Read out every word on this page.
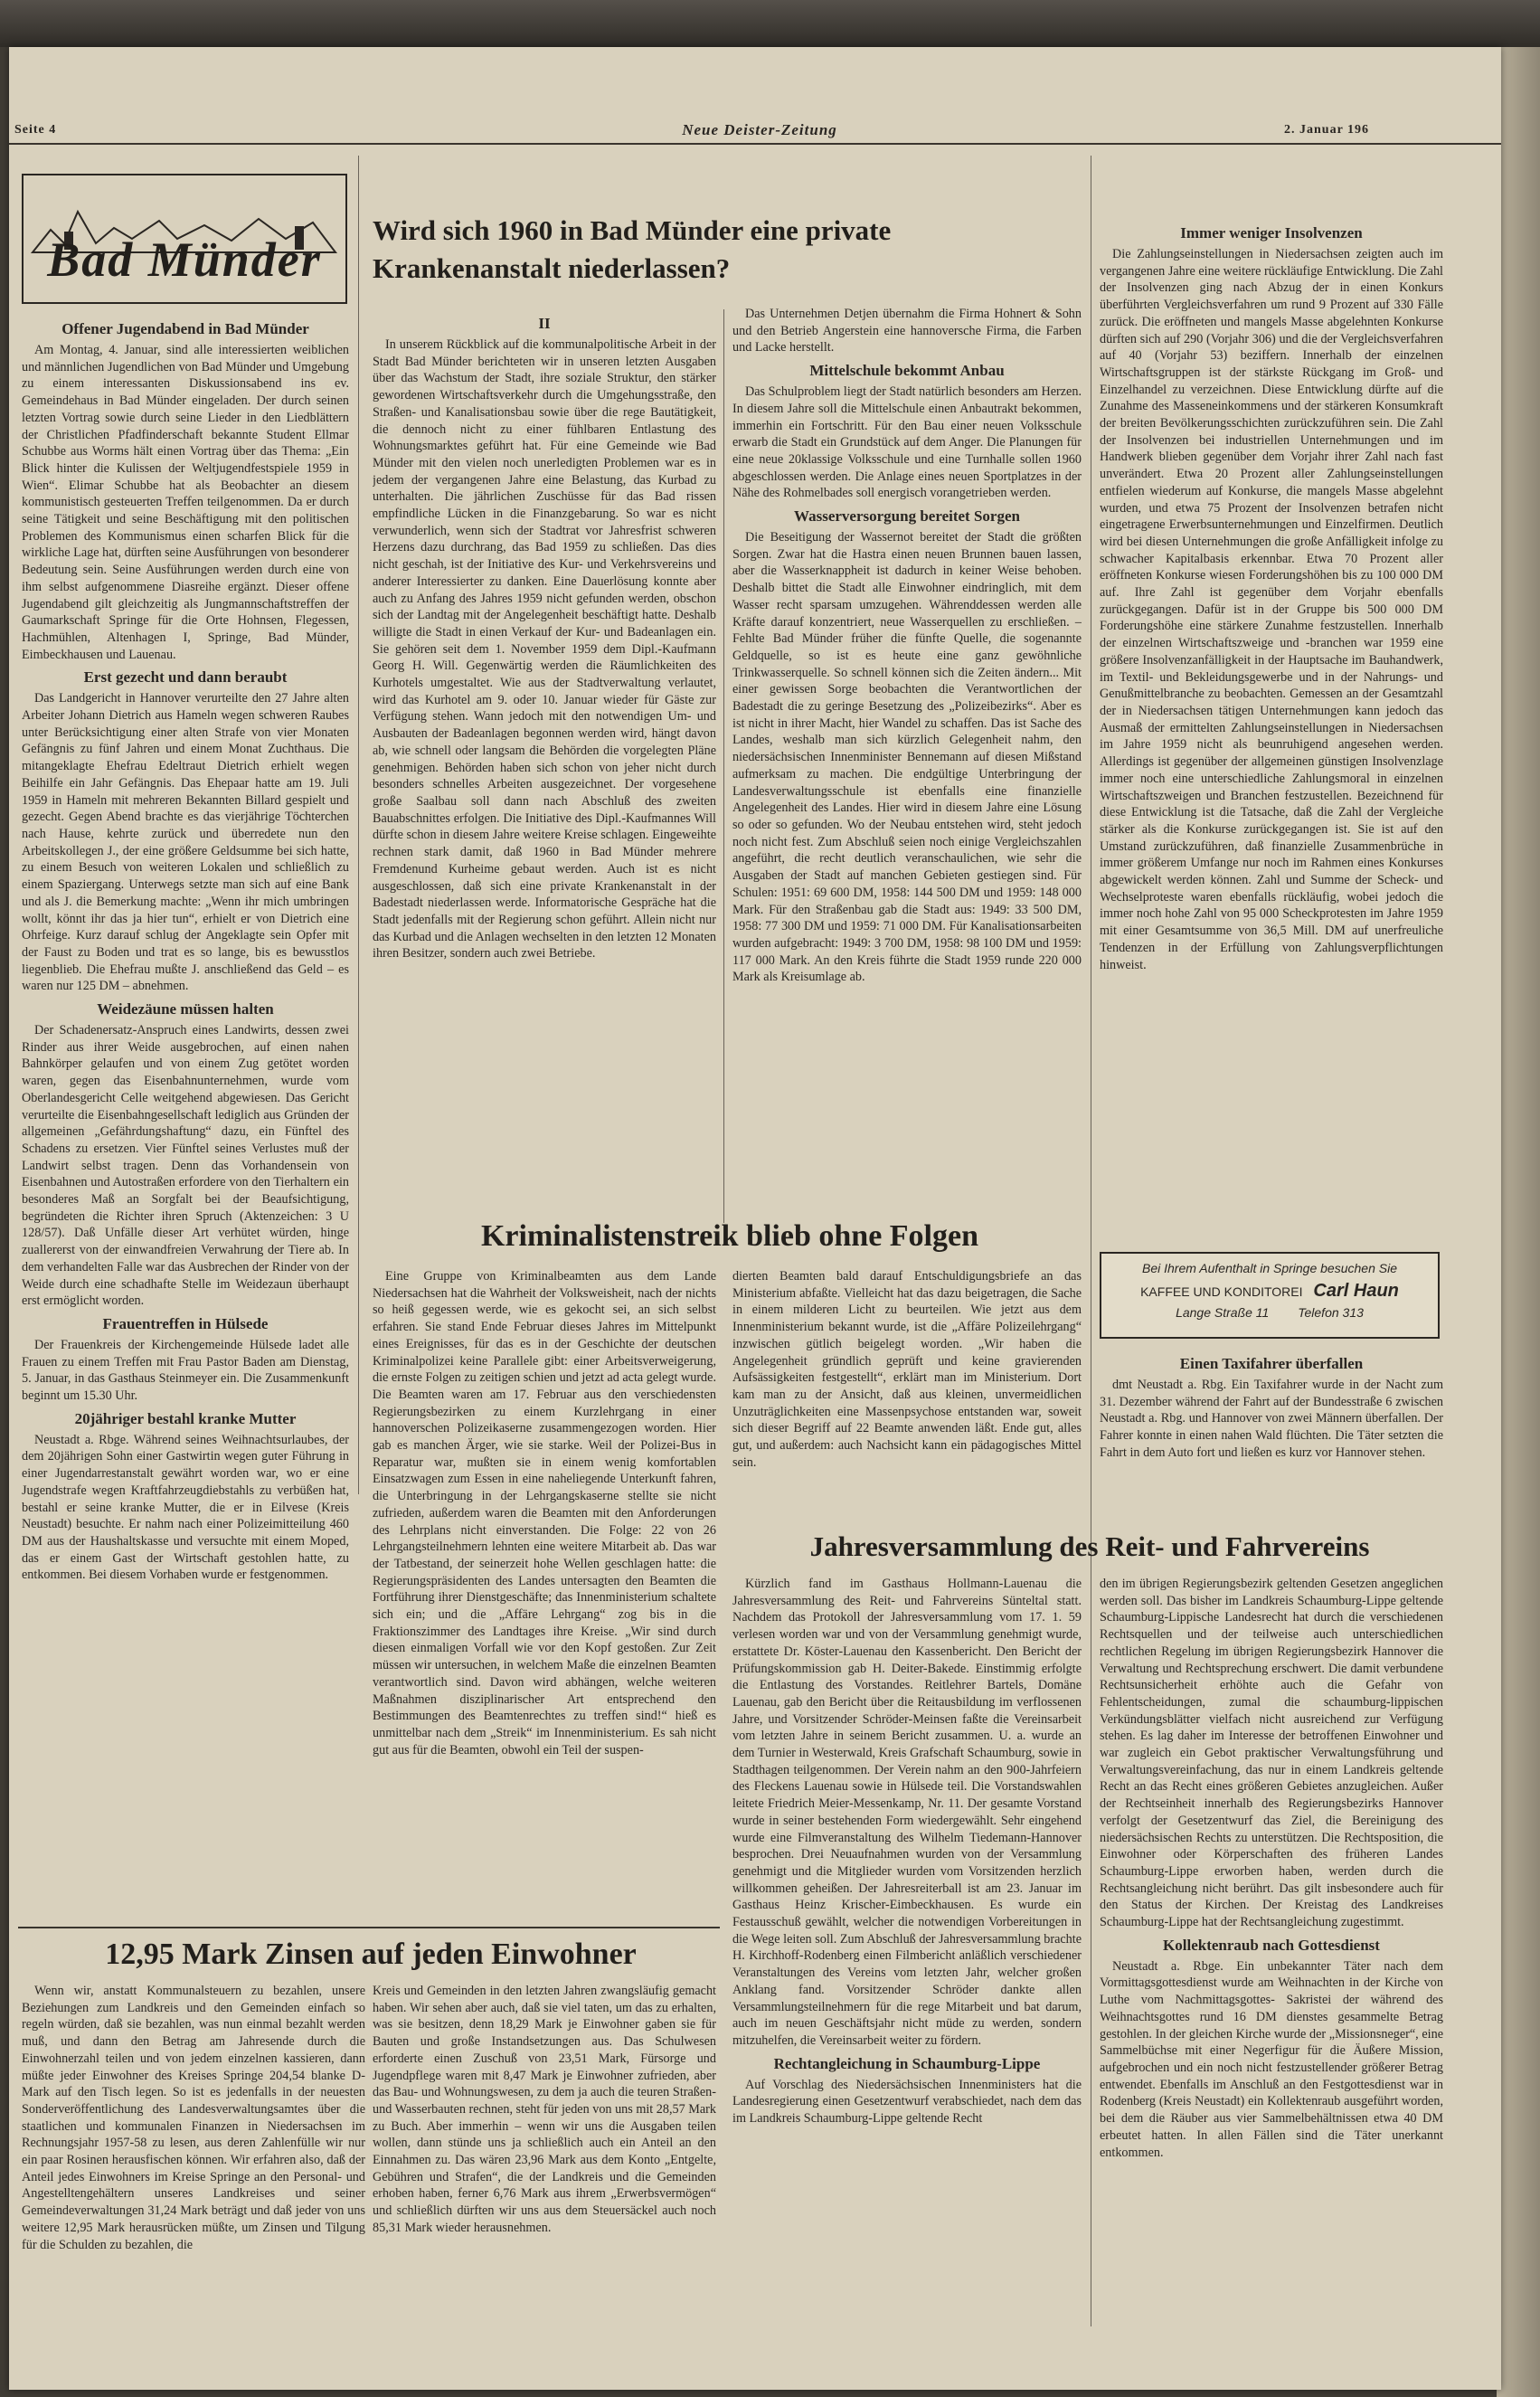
Seite 4	Neue Deister-Zeitung	2. Januar 196
Bad Münder
Wird sich 1960 in Bad Münder eine private Krankenanstalt niederlassen?
Offener Jugendabend in Bad Münder

Am Montag, 4. Januar, sind alle interessierten weiblichen und männlichen Jugendlichen von Bad Münder und Umgebung zu einem interessanten Diskussionsabend ins ev. Gemeindehaus in Bad Münder eingeladen. Der durch seinen letzten Vortrag sowie durch seine Lieder in den Liedblättern der Christlichen Pfadfinderschaft bekannte Student Ellmar Schubbe aus Worms hält einen Vortrag über das Thema: „Ein Blick hinter die Kulissen der Weltjugendfestspiele 1959 in Wien“. Elimar Schubbe hat als Beobachter an diesem kommunistisch gesteuerten Treffen teilgenommen. Da er durch seine Tätigkeit und seine Beschäftigung mit den politischen Problemen des Kommunismus einen scharfen Blick für die wirkliche Lage hat, dürften seine Ausführungen von besonderer Bedeutung sein. Seine Ausführungen werden durch eine von ihm selbst aufgenommene Diasreihe ergänzt. Dieser offene Jugendabend gilt gleichzeitig als Jungmannschaftstreffen der Gaumarkschaft Springe für die Orte Hohnsen, Flegessen, Hachmühlen, Altenhagen I, Springe, Bad Münder, Eimbeckhausen und Lauenau.

Erst gezecht und dann beraubt

Das Landgericht in Hannover verurteilte den 27 Jahre alten Arbeiter Johann Dietrich aus Hameln wegen schweren Raubes unter Berücksichtigung einer alten Strafe von vier Monaten Gefängnis zu fünf Jahren und einem Monat Zuchthaus. Die mitangeklagte Ehefrau Edeltraut Dietrich erhielt wegen Beihilfe ein Jahr Gefängnis. Das Ehepaar hatte am 19. Juli 1959 in Hameln mit mehreren Bekannten Billard gespielt und gezecht. Gegen Abend brachte es das vierjährige Töchterchen nach Hause, kehrte zurück und überredete nun den Arbeitskollegen J., der eine größere Geldsumme bei sich hatte, zu einem Besuch von weiteren Lokalen und schließlich zu einem Spaziergang. Unterwegs setzte man sich auf eine Bank und als J. die Bemerkung machte: „Wenn ihr mich umbringen wollt, könnt ihr das ja hier tun“, erhielt er von Dietrich eine Ohrfeige. Kurz darauf schlug der Angeklagte sein Opfer mit der Faust zu Boden und trat es so lange, bis es bewusstlos liegenblieb. Die Ehefrau mußte J. anschließend das Geld – es waren nur 125 DM – abnehmen.

Weidezäune müssen halten

Der Schadenersatz-Anspruch eines Landwirts, dessen zwei Rinder aus ihrer Weide ausgebrochen, auf einen nahen Bahnkörper gelaufen und von einem Zug getötet worden waren, gegen das Eisenbahnunternehmen, wurde vom Oberlandesgericht Celle weitgehend abgewiesen. Das Gericht verurteilte die Eisenbahngesellschaft lediglich aus Gründen der allgemeinen „Gefährdungshaftung“ dazu, ein Fünftel des Schadens zu ersetzen. Vier Fünftel seines Verlustes muß der Landwirt selbst tragen. Denn das Vorhandensein von Eisenbahnen und Autostraßen erfordere von den Tierhaltern ein besonderes Maß an Sorgfalt bei der Beaufsichtigung, begründeten die Richter ihren Spruch (Aktenzeichen: 3 U 128/57). Daß Unfälle dieser Art verhütet würden, hinge zuallererst von der einwandfreien Verwahrung der Tiere ab. In dem verhandelten Falle war das Ausbrechen der Rinder von der Weide durch eine schadhafte Stelle im Weidezaun überhaupt erst ermöglicht worden.

Frauentreffen in Hülsede

Der Frauenkreis der Kirchengemeinde Hülsede ladet alle Frauen zu einem Treffen mit Frau Pastor Baden am Dienstag, 5. Januar, in das Gasthaus Steinmeyer ein. Die Zusammenkunft beginnt um 15.30 Uhr.

20jähriger bestahl kranke Mutter

Neustadt a. Rbge. Während seines Weihnachtsurlaubes, der dem 20jährigen Sohn einer Gastwirtin wegen guter Führung in einer Jugendarrestanstalt gewährt worden war, wo er eine Jugendstrafe wegen Kraftfahrzeugdiebstahls zu verbüßen hat, bestahl er seine kranke Mutter, die er in Eilvese (Kreis Neustadt) besuchte. Er nahm nach einer Polizeimitteilung 460 DM aus der Haushaltskasse und versuchte mit einem Moped, das er einem Gast der Wirtschaft gestohlen hatte, zu entkommen. Bei diesem Vorhaben wurde er festgenommen.

II

In unserem Rückblick auf die kommunalpolitische Arbeit in der Stadt Bad Münder berichteten wir in unseren letzten Ausgaben über das Wachstum der Stadt, ihre soziale Struktur, den stärker gewordenen Wirtschaftsverkehr durch die Umgehungsstraße, den Straßen- und Kanalisationsbau sowie über die rege Bautätigkeit, die dennoch nicht zu einer fühlbaren Entlastung des Wohnungsmarktes geführt hat. Für eine Gemeinde wie Bad Münder mit den vielen noch unerledigten Problemen war es in jedem der vergangenen Jahre eine Belastung, das Kurbad zu unterhalten. Die jährlichen Zuschüsse für das Bad rissen empfindliche Lücken in die Finanzgebarung. So war es nicht verwunderlich, wenn sich der Stadtrat vor Jahresfrist schweren Herzens dazu durchrang, das Bad 1959 zu schließen. Das dies nicht geschah, ist der Initiative des Kur- und Verkehrsvereins und anderer Interessierter zu danken. Eine Dauerlösung konnte aber auch zu Anfang des Jahres 1959 nicht gefunden werden, obschon sich der Landtag mit der Angelegenheit beschäftigt hatte. Deshalb willigte die Stadt in einen Verkauf der Kur- und Badeanlagen ein. Sie gehören seit dem 1. November 1959 dem Dipl.-Kaufmann Georg H. Will. Gegenwärtig werden die Räumlichkeiten des Kurhotels umgestaltet. Wie aus der Stadtverwaltung verlautet, wird das Kurhotel am 9. oder 10. Januar wieder für Gäste zur Verfügung stehen. Wann jedoch mit den notwendigen Um- und Ausbauten der Badeanlagen begonnen werden wird, hängt davon ab, wie schnell oder langsam die Behörden die vorgelegten Pläne genehmigen. Behörden haben sich schon von jeher nicht durch besonders schnelles Arbeiten ausgezeichnet. Der vorgesehene große Saalbau soll dann nach Abschluß des zweiten Bauabschnittes erfolgen. Die Initiative des Dipl.-Kaufmannes Will dürfte schon in diesem Jahre weitere Kreise schlagen. Eingeweihte rechnen stark damit, daß 1960 in Bad Münder mehrere Fremdenund Kurheime gebaut werden. Auch ist es nicht ausgeschlossen, daß sich eine private Krankenanstalt in der Badestadt niederlassen werde. Informatorische Gespräche hat die Stadt jedenfalls mit der Regierung schon geführt. Allein nicht nur das Kurbad und die Anlagen wechselten in den letzten 12 Monaten ihren Besitzer, sondern auch zwei Betriebe.

Das Unternehmen Detjen übernahm die Firma Hohnert & Sohn und den Betrieb Angerstein eine hannoversche Firma, die Farben und Lacke herstellt.

Mittelschule bekommt Anbau

Das Schulproblem liegt der Stadt natürlich besonders am Herzen. In diesem Jahre soll die Mittelschule einen Anbautrakt bekommen, immerhin ein Fortschritt. Für den Bau einer neuen Volksschule erwarb die Stadt ein Grundstück auf dem Anger. Die Planungen für eine neue 20klassige Volksschule und eine Turnhalle sollen 1960 abgeschlossen werden. Die Anlage eines neuen Sportplatzes in der Nähe des Rohmelbades soll energisch vorangetrieben werden.

Wasserversorgung bereitet Sorgen

Die Beseitigung der Wassernot bereitet der Stadt die größten Sorgen. Zwar hat die Hastra einen neuen Brunnen bauen lassen, aber die Wasserknappheit ist dadurch in keiner Weise behoben. Deshalb bittet die Stadt alle Einwohner eindringlich, mit dem Wasser recht sparsam umzugehen. Währenddessen werden alle Kräfte darauf konzentriert, neue Wasserquellen zu erschließen. – Fehlte Bad Münder früher die fünfte Quelle, die sogenannte Geldquelle, so ist es heute eine ganz gewöhnliche Trinkwasserquelle. So schnell können sich die Zeiten ändern... Mit einer gewissen Sorge beobachten die Verantwortlichen der Badestadt die zu geringe Besetzung des „Polizeibezirks“. Aber es ist nicht in ihrer Macht, hier Wandel zu schaffen. Das ist Sache des Landes, weshalb man sich kürzlich Gelegenheit nahm, den niedersächsischen Innenminister Bennemann auf diesen Mißstand aufmerksam zu machen. Die endgültige Unterbringung der Landesverwaltungsschule ist ebenfalls eine finanzielle Angelegenheit des Landes. Hier wird in diesem Jahre eine Lösung so oder so gefunden. Wo der Neubau entstehen wird, steht jedoch noch nicht fest. Zum Abschluß seien noch einige Vergleichszahlen angeführt, die recht deutlich veranschaulichen, wie sehr die Ausgaben der Stadt auf manchen Gebieten gestiegen sind. Für Schulen: 1951: 69 600 DM, 1958: 144 500 DM und 1959: 148 000 Mark. Für den Straßenbau gab die Stadt aus: 1949: 33 500 DM, 1958: 77 300 DM und 1959: 71 000 DM. Für Kanalisationsarbeiten wurden aufgebracht: 1949: 3 700 DM, 1958: 98 100 DM und 1959: 117 000 Mark. An den Kreis führte die Stadt 1959 runde 220 000 Mark als Kreisumlage ab.

Immer weniger Insolvenzen

Die Zahlungseinstellungen in Niedersachsen zeigten auch im vergangenen Jahre eine weitere rückläufige Entwicklung. Die Zahl der Insolvenzen ging nach Abzug der in einen Konkurs überführten Vergleichsverfahren um rund 9 Prozent auf 330 Fälle zurück. Die eröffneten und mangels Masse abgelehnten Konkurse dürften sich auf 290 (Vorjahr 306) und die der Vergleichsverfahren auf 40 (Vorjahr 53) beziffern. Innerhalb der einzelnen Wirtschaftsgruppen ist der stärkste Rückgang im Groß- und Einzelhandel zu verzeichnen. Diese Entwicklung dürfte auf die Zunahme des Masseneinkommens und der stärkeren Konsumkraft der breiten Bevölkerungsschichten zurückzuführen sein. Die Zahl der Insolvenzen bei industriellen Unternehmungen und im Handwerk blieben gegenüber dem Vorjahr ihrer Zahl nach fast unverändert. Etwa 20 Prozent aller Zahlungseinstellungen entfielen wiederum auf Konkurse, die mangels Masse abgelehnt wurden, und etwa 75 Prozent der Insolvenzen betrafen nicht eingetragene Erwerbsunternehmungen und Einzelfirmen. Deutlich wird bei diesen Unternehmungen die große Anfälligkeit infolge zu schwacher Kapitalbasis erkennbar. Etwa 70 Prozent aller eröffneten Konkurse wiesen Forderungshöhen bis zu 100 000 DM auf. Ihre Zahl ist gegenüber dem Vorjahr ebenfalls zurückgegangen. Dafür ist in der Gruppe bis 500 000 DM Forderungshöhe eine stärkere Zunahme festzustellen. Innerhalb der einzelnen Wirtschaftszweige und -branchen war 1959 eine größere Insolvenzanfälligkeit in der Hauptsache im Bauhandwerk, im Textil- und Bekleidungsgewerbe und in der Nahrungs- und Genußmittelbranche zu beobachten. Gemessen an der Gesamtzahl der in Niedersachsen tätigen Unternehmungen kann jedoch das Ausmaß der ermittelten Zahlungseinstellungen in Niedersachsen im Jahre 1959 nicht als beunruhigend angesehen werden. Allerdings ist gegenüber der allgemeinen günstigen Insolvenzlage immer noch eine unterschiedliche Zahlungsmoral in einzelnen Wirtschaftszweigen und Branchen festzustellen. Bezeichnend für diese Entwicklung ist die Tatsache, daß die Zahl der Vergleiche stärker als die Konkurse zurückgegangen ist. Sie ist auf den Umstand zurückzuführen, daß finanzielle Zusammenbrüche in immer größerem Umfange nur noch im Rahmen eines Konkurses abgewickelt werden können. Zahl und Summe der Scheck- und Wechselproteste waren ebenfalls rückläufig, wobei jedoch die immer noch hohe Zahl von 95 000 Scheckprotesten im Jahre 1959 mit einer Gesamtsumme von 36,5 Mill. DM auf unerfreuliche Tendenzen in der Erfüllung von Zahlungsverpflichtungen hinweist.

Bei Ihrem Aufenthalt in Springe besuchen Sie
KAFFEE UND KONDITOREI Carl Haun
Lange Straße 11 Telefon 313
Einen Taxifahrer überfallen

dmt Neustadt a. Rbg. Ein Taxifahrer wurde in der Nacht zum 31. Dezember während der Fahrt auf der Bundesstraße 6 zwischen Neustadt a. Rbg. und Hannover von zwei Männern überfallen. Der Fahrer konnte in einen nahen Wald flüchten. Die Täter setzten die Fahrt in dem Auto fort und ließen es kurz vor Hannover stehen.

Kriminalistenstreik blieb ohne Folgen

Eine Gruppe von Kriminalbeamten aus dem Lande Niedersachsen hat die Wahrheit der Volksweisheit, nach der nichts so heiß gegessen werde, wie es gekocht sei, an sich selbst erfahren. Sie stand Ende Februar dieses Jahres im Mittelpunkt eines Ereignisses, für das es in der Geschichte der deutschen Kriminalpolizei keine Parallele gibt: einer Arbeitsverweigerung, die ernste Folgen zu zeitigen schien und jetzt ad acta gelegt wurde. Die Beamten waren am 17. Februar aus den verschiedensten Regierungsbezirken zu einem Kurzlehrgang in einer hannoverschen Polizeikaserne zusammengezogen worden. Hier gab es manchen Ärger, wie sie starke. Weil der Polizei-Bus in Reparatur war, mußten sie in einem wenig komfortablen Einsatzwagen zum Essen in eine naheliegende Unterkunft fahren, die Unterbringung in der Lehrgangskaserne stellte sie nicht zufrieden, außerdem waren die Beamten mit den Anforderungen des Lehrplans nicht einverstanden. Die Folge: 22 von 26 Lehrgangsteilnehmern lehnten eine weitere Mitarbeit ab. Das war der Tatbestand, der seinerzeit hohe Wellen geschlagen hatte: die Regierungspräsidenten des Landes untersagten den Beamten die Fortführung ihrer Dienstgeschäfte; das Innenministerium schaltete sich ein; und die „Affäre Lehrgang“ zog bis in die Fraktionszimmer des Landtages ihre Kreise. „Wir sind durch diesen einmaligen Vorfall wie vor den Kopf gestoßen. Zur Zeit müssen wir untersuchen, in welchem Maße die einzelnen Beamten verantwortlich sind. Davon wird abhängen, welche weiteren Maßnahmen disziplinarischer Art entsprechend den Bestimmungen des Beamtenrechtes zu treffen sind!“ hieß es unmittelbar nach dem „Streik“ im Innenministerium. Es sah nicht gut aus für die Beamten, obwohl ein Teil der suspen-

dierten Beamten bald darauf Entschuldigungsbriefe an das Ministerium abfaßte. Vielleicht hat das dazu beigetragen, die Sache in einem milderen Licht zu beurteilen. Wie jetzt aus dem Innenministerium bekannt wurde, ist die „Affäre Polizeilehrgang“ inzwischen gütlich beigelegt worden. „Wir haben die Angelegenheit gründlich geprüft und keine gravierenden Aufsässigkeiten festgestellt“, erklärt man im Ministerium. Dort kam man zu der Ansicht, daß aus kleinen, unvermeidlichen Unzuträglichkeiten eine Massenpsychose entstanden war, soweit sich dieser Begriff auf 22 Beamte anwenden läßt. Ende gut, alles gut, und außerdem: auch Nachsicht kann ein pädagogisches Mittel sein.

Jahresversammlung des Reit- und Fahrvereins

Kürzlich fand im Gasthaus Hollmann-Lauenau die Jahresversammlung des Reit- und Fahrvereins Sünteltal statt. Nachdem das Protokoll der Jahresversammlung vom 17. 1. 59 verlesen worden war und von der Versammlung genehmigt wurde, erstattete Dr. Köster-Lauenau den Kassenbericht. Den Bericht der Prüfungskommission gab H. Deiter-Bakede. Einstimmig erfolgte die Entlastung des Vorstandes. Reitlehrer Bartels, Domäne Lauenau, gab den Bericht über die Reitausbildung im verflossenen Jahre, und Vorsitzender Schröder-Meinsen faßte die Vereinsarbeit vom letzten Jahre in seinem Bericht zusammen. U. a. wurde an dem Turnier in Westerwald, Kreis Grafschaft Schaumburg, sowie in Stadthagen teilgenommen. Der Verein nahm an den 900-Jahrfeiern des Fleckens Lauenau sowie in Hülsede teil. Die Vorstandswahlen leitete Friedrich Meier-Messenkamp, Nr. 11. Der gesamte Vorstand wurde in seiner bestehenden Form wiedergewählt. Sehr eingehend wurde eine Filmveranstaltung des Wilhelm Tiedemann-Hannover besprochen. Drei Neuaufnahmen wurden von der Versammlung genehmigt und die Mitglieder wurden vom Vorsitzenden herzlich willkommen geheißen. Der Jahresreiterball ist am 23. Januar im Gasthaus Heinz Krischer-Eimbeckhausen. Es wurde ein Festausschuß gewählt, welcher die notwendigen Vorbereitungen in die Wege leiten soll. Zum Abschluß der Jahresversammlung brachte H. Kirchhoff-Rodenberg einen Filmbericht anläßlich verschiedener Veranstaltungen des Vereins vom letzten Jahr, welcher großen Anklang fand. Vorsitzender Schröder dankte allen Versammlungsteilnehmern für die rege Mitarbeit und bat darum, auch im neuen Geschäftsjahr nicht müde zu werden, sondern mitzuhelfen, die Vereinsarbeit weiter zu fördern.

Rechtangleichung in Schaumburg-Lippe

Auf Vorschlag des Niedersächsischen Innenministers hat die Landesregierung einen Gesetzentwurf verabschiedet, nach dem das im Landkreis Schaumburg-Lippe geltende Recht

den im übrigen Regierungsbezirk geltenden Gesetzen angeglichen werden soll. Das bisher im Landkreis Schaumburg-Lippe geltende Schaumburg-Lippische Landesrecht hat durch die verschiedenen Rechtsquellen und der teilweise auch unterschiedlichen rechtlichen Regelung im übrigen Regierungsbezirk Hannover die Verwaltung und Rechtsprechung erschwert. Die damit verbundene Rechtsunsicherheit erhöhte auch die Gefahr von Fehlentscheidungen, zumal die schaumburg-lippischen Verkündungsblätter vielfach nicht ausreichend zur Verfügung stehen. Es lag daher im Interesse der betroffenen Einwohner und war zugleich ein Gebot praktischer Verwaltungsführung und Verwaltungsvereinfachung, das nur in einem Landkreis geltende Recht an das Recht eines größeren Gebietes anzugleichen. Außer der Rechtseinheit innerhalb des Regierungsbezirks Hannover verfolgt der Gesetzentwurf das Ziel, die Bereinigung des niedersächsischen Rechts zu unterstützen. Die Rechtsposition, die Einwohner oder Körperschaften des früheren Landes Schaumburg-Lippe erworben haben, werden durch die Rechtsangleichung nicht berührt. Das gilt insbesondere auch für den Status der Kirchen. Der Kreistag des Landkreises Schaumburg-Lippe hat der Rechtsangleichung zugestimmt.

Kollektenraub nach Gottesdienst

Neustadt a. Rbge. Ein unbekannter Täter nach dem Vormittagsgottesdienst wurde am Weihnachten in der Kirche von Luthe vom Nachmittagsgottes- Sakristei der während des Weihnachtsgottes rund 16 DM dienstes gesammelte Betrag gestohlen. In der gleichen Kirche wurde der „Missionsneger“, eine Sammelbüchse mit einer Negerfigur für die Äußere Mission, aufgebrochen und ein noch nicht festzustellender größerer Betrag entwendet. Ebenfalls im Anschluß an den Festgottesdienst war in Rodenberg (Kreis Neustadt) ein Kollektenraub ausgeführt worden, bei dem die Räuber aus vier Sammelbehältnissen etwa 40 DM erbeutet hatten. In allen Fällen sind die Täter unerkannt entkommen.

12,95 Mark Zinsen auf jeden Einwohner

Wenn wir, anstatt Kommunalsteuern zu bezahlen, unsere Beziehungen zum Landkreis und den Gemeinden einfach so regeln würden, daß sie bezahlen, was nun einmal bezahlt werden muß, und dann den Betrag am Jahresende durch die Einwohnerzahl teilen und von jedem einzelnen kassieren, dann müßte jeder Einwohner des Kreises Springe 204,54 blanke D-Mark auf den Tisch legen. So ist es jedenfalls in der neuesten Sonderveröffentlichung des Landesverwaltungsamtes über die staatlichen und kommunalen Finanzen in Niedersachsen im Rechnungsjahr 1957-58 zu lesen, aus deren Zahlenfülle wir nur ein paar Rosinen herausfischen können. Wir erfahren also, daß der Anteil jedes Einwohners im Kreise Springe an den Personal- und Angestelltengehältern unseres Landkreises und seiner Gemeindeverwaltungen 31,24 Mark beträgt und daß jeder von uns weitere 12,95 Mark herausrücken müßte, um Zinsen und Tilgung für die Schulden zu bezahlen, die

Kreis und Gemeinden in den letzten Jahren zwangsläufig gemacht haben. Wir sehen aber auch, daß sie viel taten, um das zu erhalten, was sie besitzen, denn 18,29 Mark je Einwohner gaben sie für Bauten und große Instandsetzungen aus. Das Schulwesen erforderte einen Zuschuß von 23,51 Mark, Fürsorge und Jugendpflege waren mit 8,47 Mark je Einwohner zufrieden, aber das Bau- und Wohnungswesen, zu dem ja auch die teuren Straßen- und Wasserbauten rechnen, steht für jeden von uns mit 28,57 Mark zu Buch. Aber immerhin – wenn wir uns die Ausgaben teilen wollen, dann stünde uns ja schließlich auch ein Anteil an den Einnahmen zu. Das wären 23,96 Mark aus dem Konto „Entgelte, Gebühren und Strafen“, die der Landkreis und die Gemeinden erhoben haben, ferner 6,76 Mark aus ihrem „Erwerbsvermögen“ und schließlich dürften wir uns aus dem Steuersäckel auch noch 85,31 Mark wieder herausnehmen.
